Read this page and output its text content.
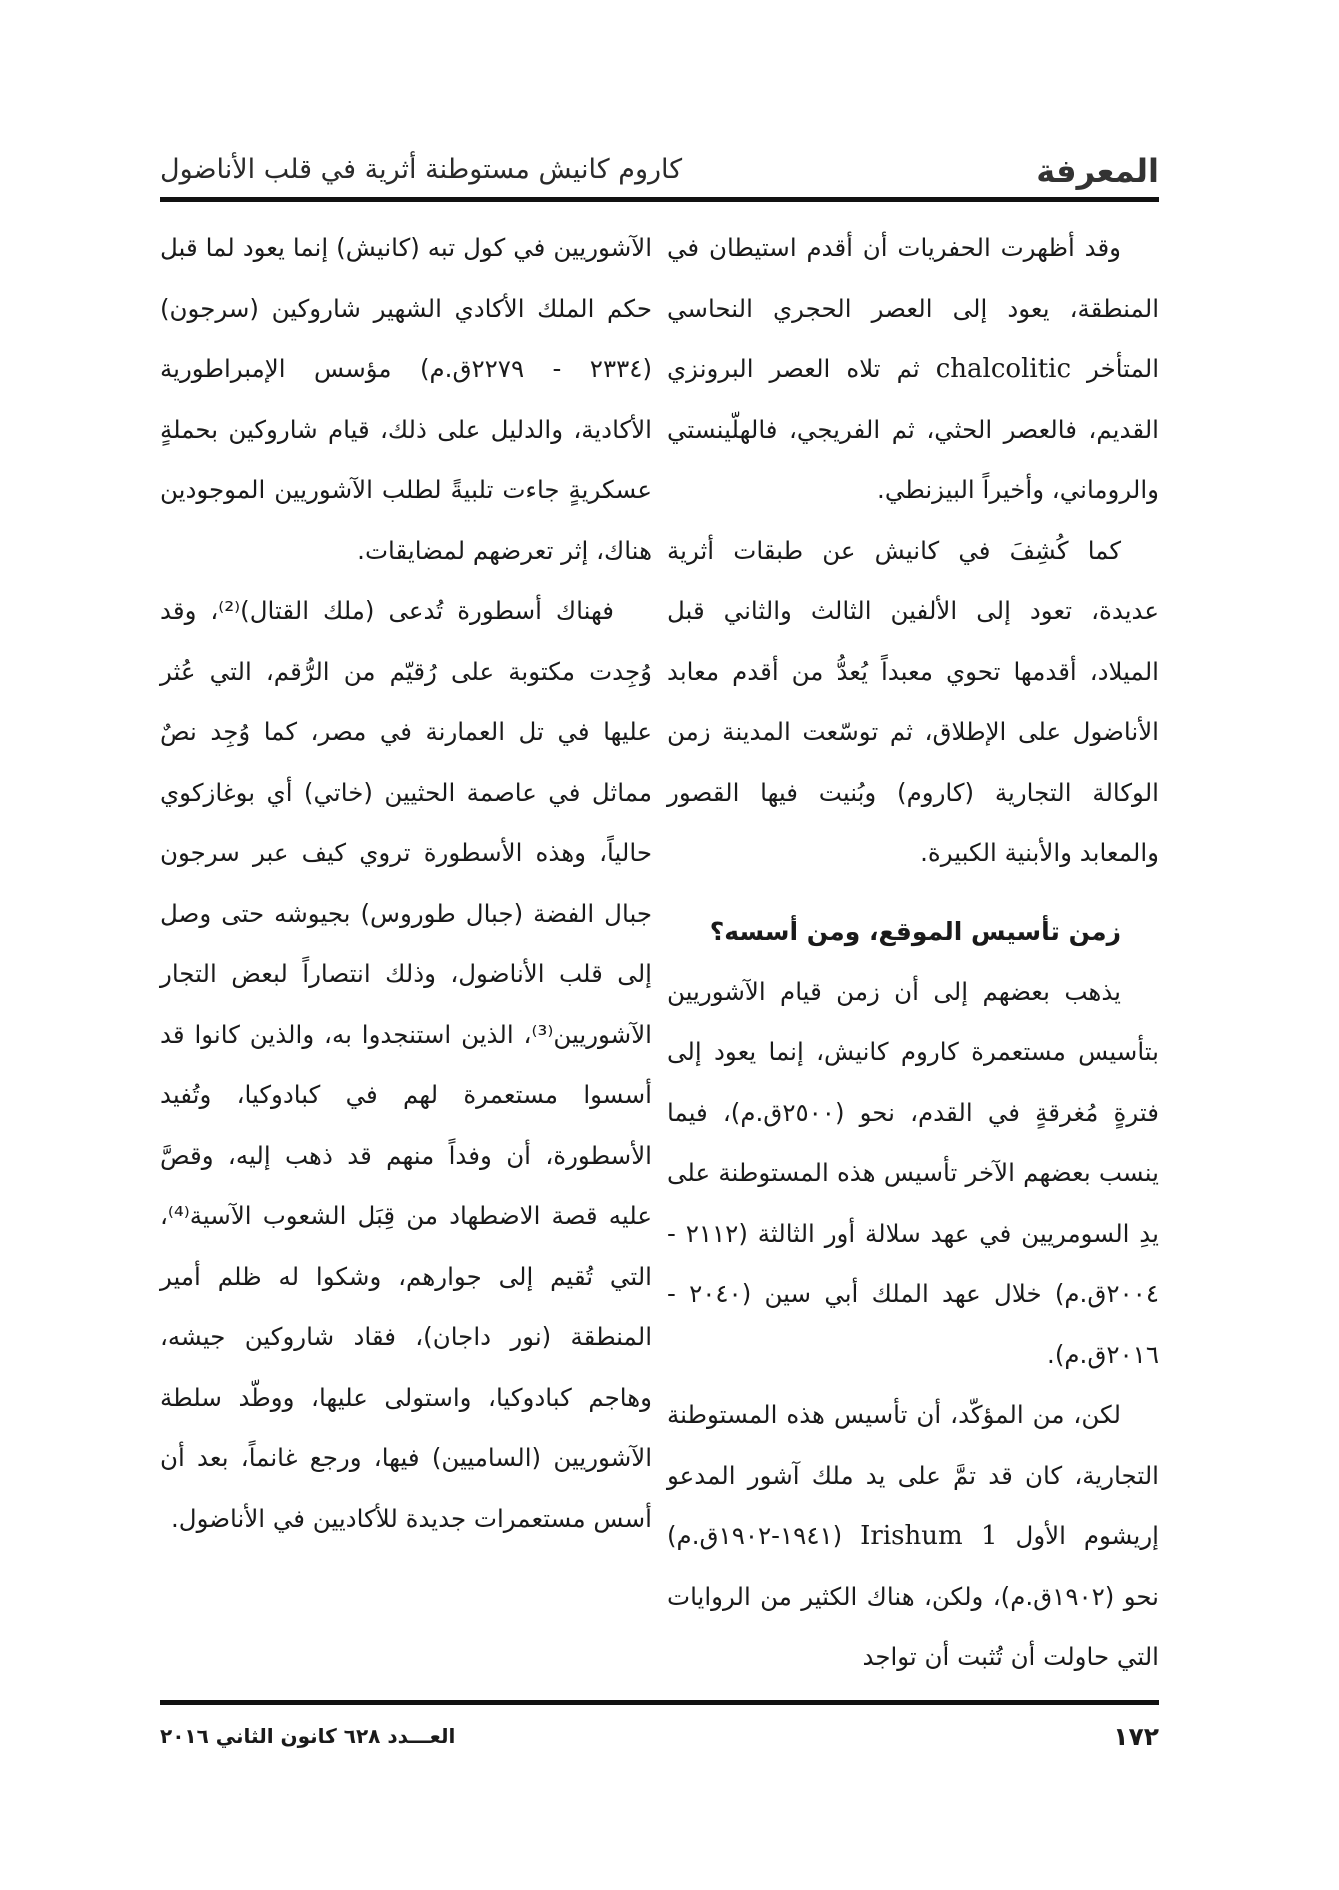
المعرفة
كاروم كانيش مستوطنة أثرية في قلب الأناضول

وقد أظهرت الحفريات أن أقدم استيطان في المنطقة، يعود إلى العصر الحجري النحاسي المتأخر chalcolitic ثم تلاه العصر البرونزي القديم، فالعصر الحثي، ثم الفريجي، فالهلّينستي والروماني، وأخيراً البيزنطي.

كما كُشِفَ في كانيش عن طبقات أثرية عديدة، تعود إلى الألفين الثالث والثاني قبل الميلاد، أقدمها تحوي معبداً يُعدُّ من أقدم معابد الأناضول على الإطلاق، ثم توسّعت المدينة زمن الوكالة التجارية (كاروم) وبُنيت فيها القصور والمعابد والأبنية الكبيرة.

زمن تأسيس الموقع، ومن أسسه؟

يذهب بعضهم إلى أن زمن قيام الآشوريين بتأسيس مستعمرة كاروم كانيش، إنما يعود إلى فترةٍ مُغرقةٍ في القدم، نحو (٢٥٠٠ق.م)، فيما ينسب بعضهم الآخر تأسيس هذه المستوطنة على يدِ السومريين في عهد سلالة أور الثالثة (٢١١٢ - ٢٠٠٤ق.م) خلال عهد الملك أبي سين (٢٠٤٠ - ٢٠١٦ق.م).

لكن، من المؤكّد، أن تأسيس هذه المستوطنة التجارية، كان قد تمَّ على يد ملك آشور المدعو إريشوم الأول Irishum 1 (١٩٤١-١٩٠٢ق.م) نحو (١٩٠٢ق.م)، ولكن، هناك الكثير من الروايات التي حاولت أن تُثبت أن تواجد

الآشوريين في كول تبه (كانيش) إنما يعود لما قبل حكم الملك الأكادي الشهير شاروكين (سرجون) (٢٣٣٤ - ٢٢٧٩ق.م) مؤسس الإمبراطورية الأكادية، والدليل على ذلك، قيام شاروكين بحملةٍ عسكريةٍ جاءت تلبيةً لطلب الآشوريين الموجودين هناك، إثر تعرضهم لمضايقات.

فهناك أسطورة تُدعى (ملك القتال)⁽²⁾، وقد وُجِدت مكتوبة على رُقيّم من الرُّقم، التي عُثر عليها في تل العمارنة في مصر، كما وُجِد نصٌ مماثل في عاصمة الحثيين (خاتي) أي بوغازكوي حالياً، وهذه الأسطورة تروي كيف عبر سرجون جبال الفضة (جبال طوروس) بجيوشه حتى وصل إلى قلب الأناضول، وذلك انتصاراً لبعض التجار الآشوريين⁽³⁾، الذين استنجدوا به، والذين كانوا قد أسسوا مستعمرة لهم في كبادوكيا، وتُفيد الأسطورة، أن وفداً منهم قد ذهب إليه، وقصَّ عليه قصة الاضطهاد من قِبَل الشعوب الآسية⁽⁴⁾، التي تُقيم إلى جوارهم، وشكوا له ظلم أمير المنطقة (نور داجان)، فقاد شاروكين جيشه، وهاجم كبادوكيا، واستولى عليها، ووطّد سلطة الآشوريين (الساميين) فيها، ورجع غانماً، بعد أن أسس مستعمرات جديدة للأكاديين في الأناضول.

١٧٢
العـــدد ٦٢٨ كانون الثاني ٢٠١٦
